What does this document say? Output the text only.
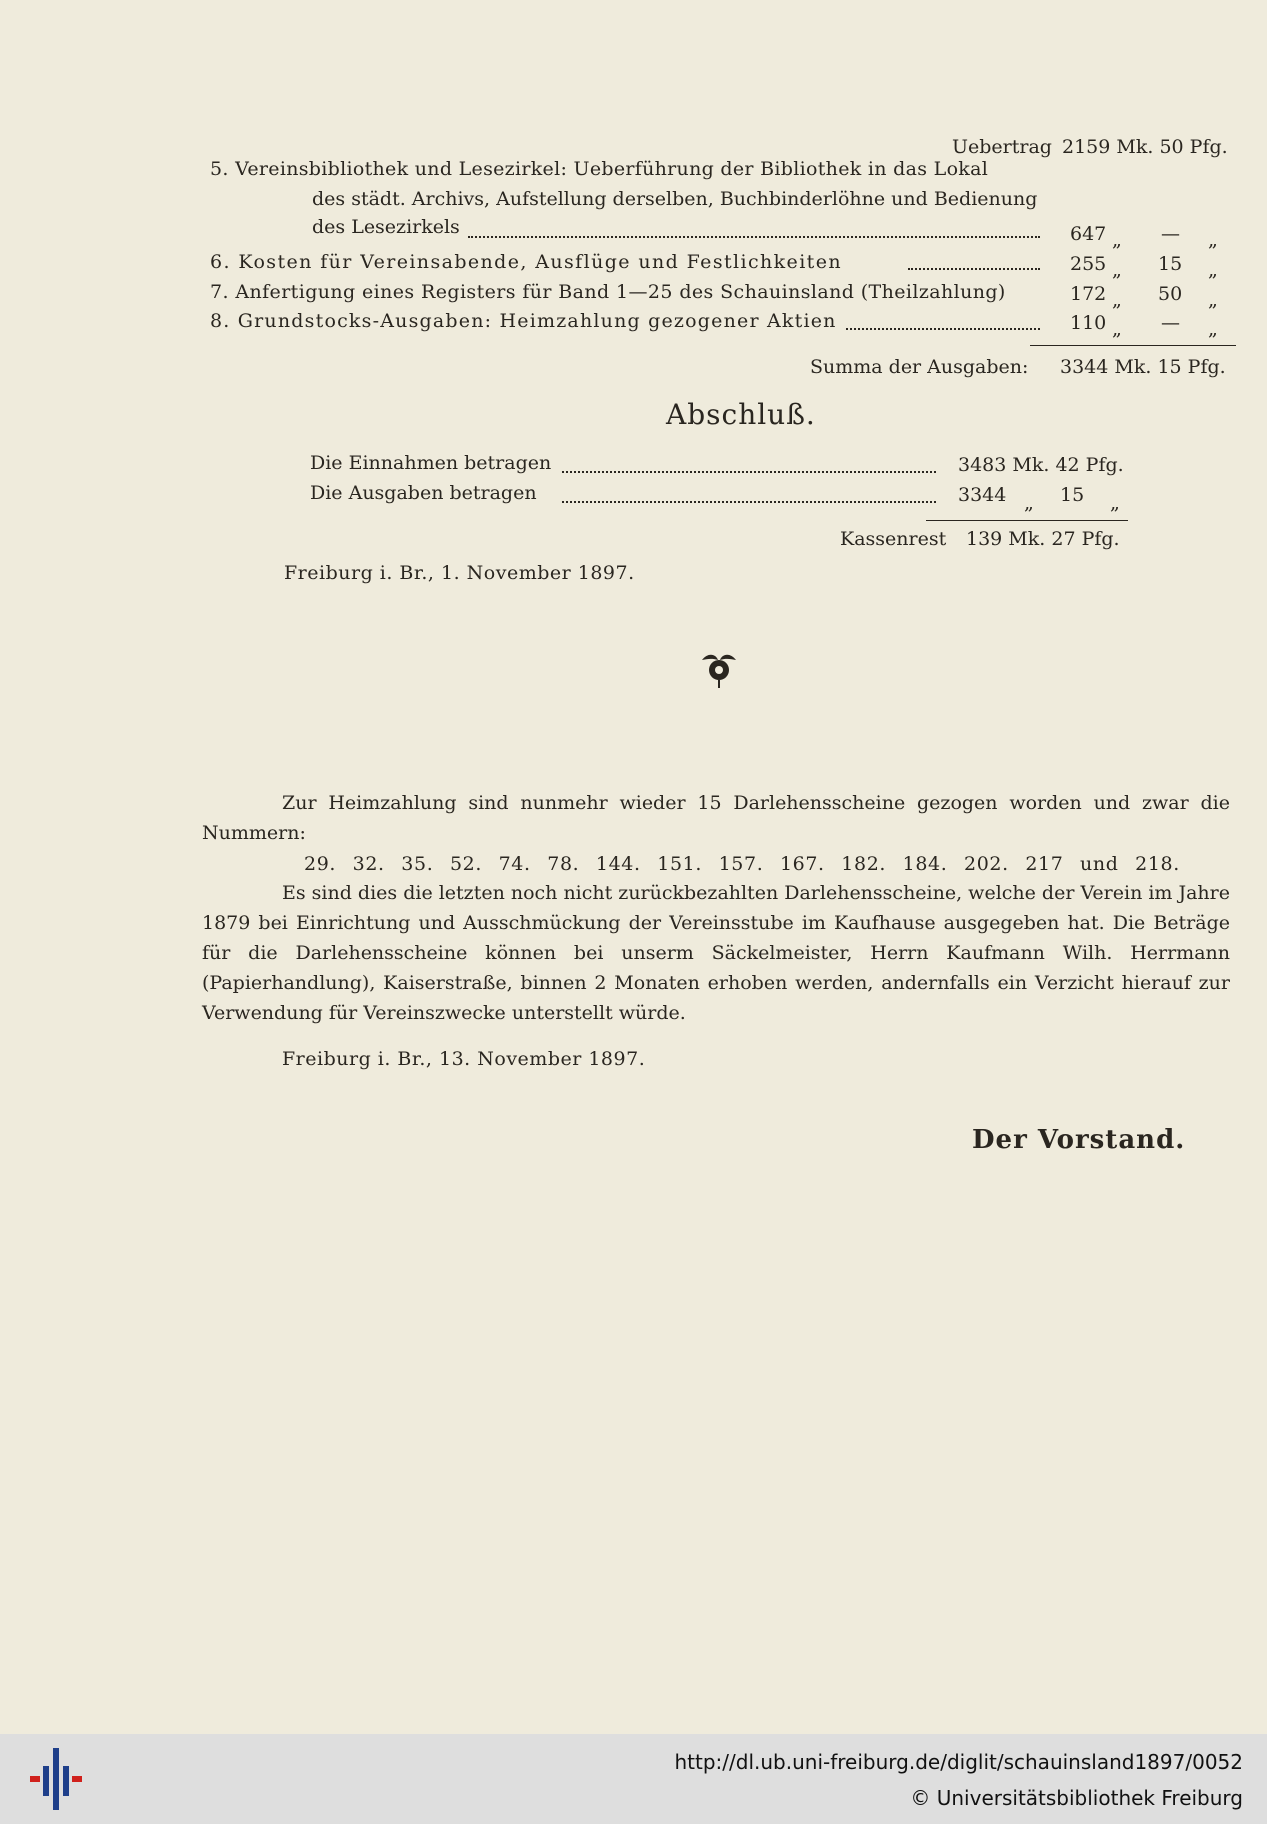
Uebertrag 2159 Mk. 50 Pfg.
5. Vereinsbibliothek und Lesezirkel: Ueberführung der Bibliothek in das Lokal
des städt. Archivs, Aufstellung derselben, Buchbinderlöhne und Bedienung
des Lesezirkels	647 „ — „
6. Kosten für Vereinsabende, Ausflüge und Festlichkeiten	255 „ 15 „
7. Anfertigung eines Registers für Band 1—25 des Schauinsland (Theilzahlung)	172 „ 50 „
8. Grundstocks-Ausgaben: Heimzahlung gezogener Aktien	110 „ — „
Summa der Ausgaben: 3344 Mk. 15 Pfg.
Abschluß.
Die Einnahmen betragen	3483 Mk. 42 Pfg.
Die Ausgaben betragen	3344 „ 15 „
Kassenrest 139 Mk. 27 Pfg.
Freiburg i. Br., 1. November 1897.
Zur Heimzahlung sind nunmehr wieder 15 Darlehensscheine gezogen worden und zwar die Nummern:
29. 32. 35. 52. 74. 78. 144. 151. 157. 167. 182. 184. 202. 217 und 218.
Es sind dies die letzten noch nicht zurückbezahlten Darlehensscheine, welche der Verein im Jahre 1879 bei Einrichtung und Ausschmückung der Vereinsstube im Kaufhause ausgegeben hat. Die Beträge für die Darlehensscheine können bei unserm Säckelmeister, Herrn Kaufmann Wilh. Herrmann (Papierhandlung), Kaiserstraße, binnen 2 Monaten erhoben werden, andernfalls ein Verzicht hierauf zur Verwendung für Vereinszwecke unterstellt würde.
Freiburg i. Br., 13. November 1897.
Der Vorstand.
http://dl.ub.uni-freiburg.de/diglit/schauinsland1897/0052
© Universitätsbibliothek Freiburg
